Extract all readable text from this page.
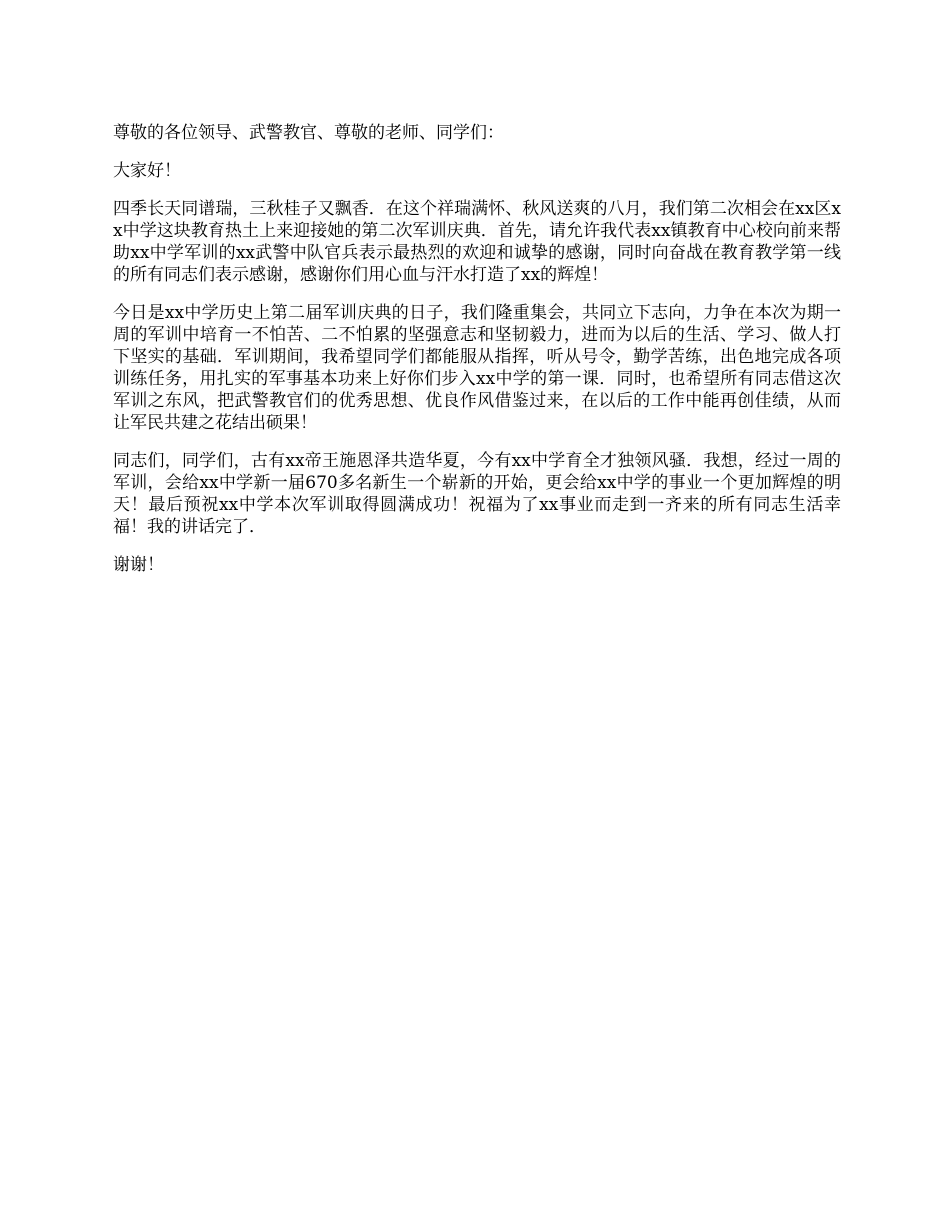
尊敬的各位领导、武警教官、尊敬的老师、同学们：

大家好！

四季长天同谱瑞，三秋桂子又飘香．在这个祥瑞满怀、秋风送爽的八月，我们第二次相会在xx区xx中学这块教育热土上来迎接她的第二次军训庆典．首先，请允许我代表xx镇教育中心校向前来帮助xx中学军训的xx武警中队官兵表示最热烈的欢迎和诚挚的感谢，同时向奋战在教育教学第一线的所有同志们表示感谢，感谢你们用心血与汗水打造了xx的辉煌！

今日是xx中学历史上第二届军训庆典的日子，我们隆重集会，共同立下志向，力争在本次为期一周的军训中培育一不怕苦、二不怕累的坚强意志和坚韧毅力，进而为以后的生活、学习、做人打下坚实的基础．军训期间，我希望同学们都能服从指挥，听从号令，勤学苦练，出色地完成各项训练任务，用扎实的军事基本功来上好你们步入xx中学的第一课．同时，也希望所有同志借这次军训之东风，把武警教官们的优秀思想、优良作风借鉴过来，在以后的工作中能再创佳绩，从而让军民共建之花结出硕果！

同志们，同学们，古有xx帝王施恩泽共造华夏，今有xx中学育全才独领风骚．我想，经过一周的军训，会给xx中学新一届670多名新生一个崭新的开始，更会给xx中学的事业一个更加辉煌的明天！最后预祝xx中学本次军训取得圆满成功！祝福为了xx事业而走到一齐来的所有同志生活幸福！我的讲话完了．

谢谢！
